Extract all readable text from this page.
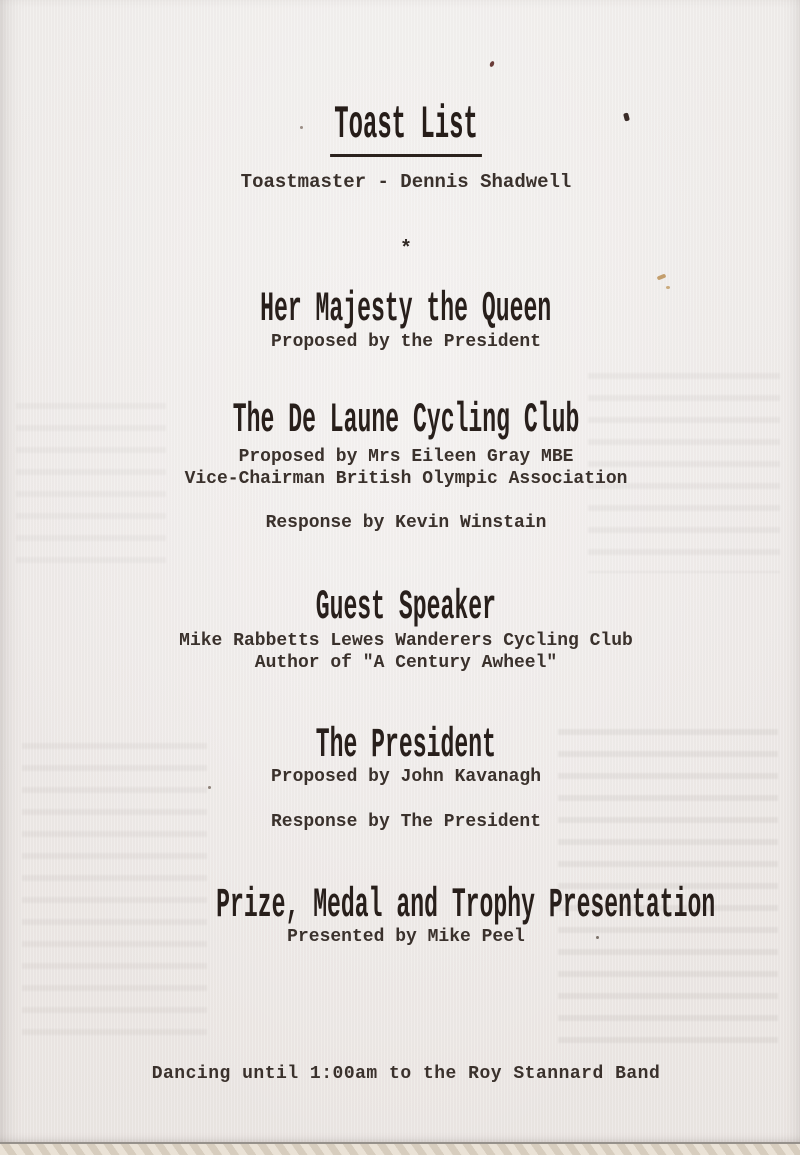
Toast List
Toastmaster - Dennis Shadwell
*
Her Majesty the Queen
Proposed by the President
The De Laune Cycling Club
Proposed by Mrs Eileen Gray MBE
Vice-Chairman British Olympic Association
Response by Kevin Winstain
Guest Speaker
Mike Rabbetts Lewes Wanderers Cycling Club
Author of "A Century Awheel"
The President
Proposed by John Kavanagh
Response by The President
Prize, Medal and Trophy Presentation
Presented by Mike Peel
Dancing until 1:00am to the Roy Stannard Band
